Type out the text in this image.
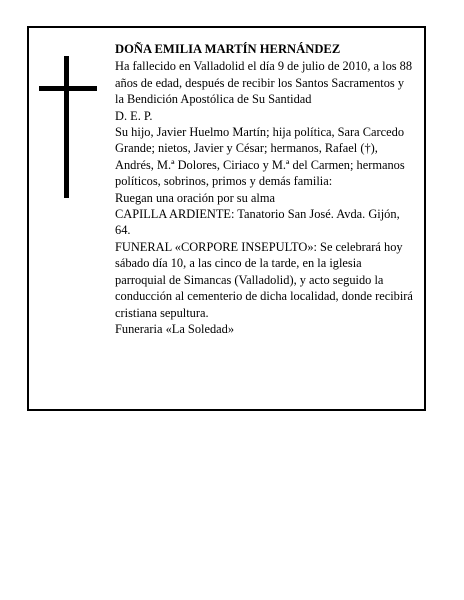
DOÑA EMILIA MARTÍN HERNÁNDEZ

Ha fallecido en Valladolid el día 9 de julio de 2010, a los 88 años de edad, después de recibir los Santos Sacramentos y la Bendición Apostólica de Su Santidad

D. E. P.

Su hijo, Javier Huelmo Martín; hija política, Sara Carcedo Grande; nietos, Javier y César; hermanos, Rafael (†), Andrés, M.ª Dolores, Ciriaco y M.ª del Carmen; hermanos políticos, sobrinos, primos y demás familia:

Ruegan una oración por su alma

CAPILLA ARDIENTE: Tanatorio San José. Avda. Gijón, 64.

FUNERAL «CORPORE INSEPULTO»: Se celebrará hoy sábado día 10, a las cinco de la tarde, en la iglesia parroquial de Simancas (Valladolid), y acto seguido la conducción al cementerio de dicha localidad, donde recibirá cristiana sepultura.

Funeraria «La Soledad»
